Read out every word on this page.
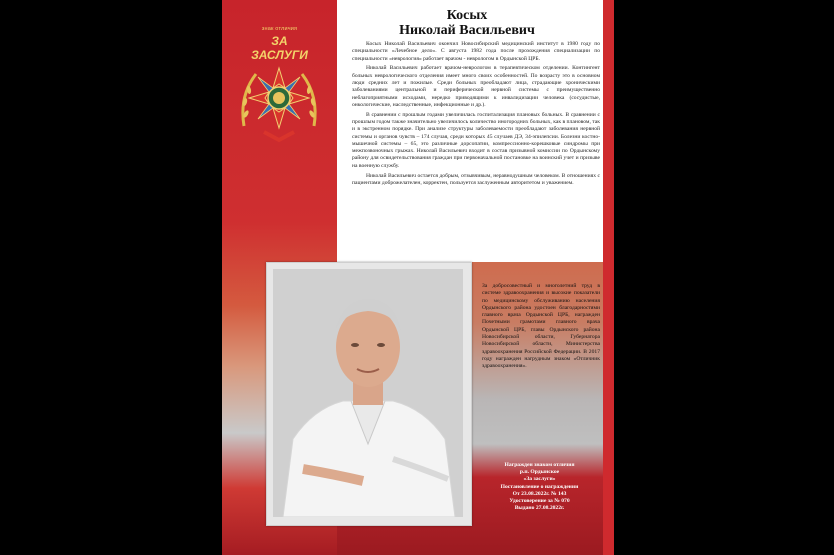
знак отличия
ЗА ЗАСЛУГИ
Косых
Николай Васильевич

Косых Николай Васильевич окончил Новосибирский медицинский институт в 1980 году по специальности «Лечебное дело». С августа 1982 года после прохождения специализации по специальности «неврология» работает врачом - неврологом в Ордынской ЦРБ.

Николай Васильевич работает врачом-неврологом в терапевтическом отделении. Контингент больных неврологического отделения имеет много своих особенностей. По возрасту это в основном люди средних лет и пожилые. Среди больных преобладают лица, страдающие хроническими заболеваниями центральной и периферической нервной системы с преимущественно неблагоприятными исходами, нередко приводящими к инвалидизации человека (сосудистые, онкологические, наследственные, инфекционные и др.).

В сравнении с прошлым годами увеличилась госпитализация плановых больных. В сравнении с прошлым годом также значительно увеличилось количество иногородних больных, как в плановом, так и в экстренном порядке. При анализе структуры заболеваемости преобладают заболевания нервной системы и органов чувств – 174 случая, среди которых 45 случаев ДЭ, 34-эпилепсии. Болезни костно-мышечной системы – 65, это различные дорсопатии, компрессионно-корешковые синдромы при межпозвоночных грыжах. Николай Васильевич входит в состав призывной комиссии по Ордынскому району для освидетельствования граждан при первоначальной постановке на воинский учет и призыве на военную службу.

Николай Васильевич остается добрым, отзывчивым, неравнодушным человеком. В отношениях с пациентами доброжелателен, корректен, пользуется заслуженным авторитетом и уважением.

За добросовестный и многолетний труд в системе здравоохранения и высокие показатели по медицинскому обслуживанию населения Ордынского района удостоен благодарностями главного врача Ордынской ЦРБ, награжден Почетными грамотами главного врача Ордынской ЦРБ, главы Ордынского района Новосибирской области, Губернатора Новосибирской области, Министерства здравоохранения Российской Федерации. В 2017 году награжден нагрудным знаком «Отличник здравоохранения».
Награжден знаком отличия
р.п. Ордынское
«За заслуги»
Постановление о награждении
От 23.08.2022г. № 143
Удостоверение за № 070
Выдано 27.08.2022г.
